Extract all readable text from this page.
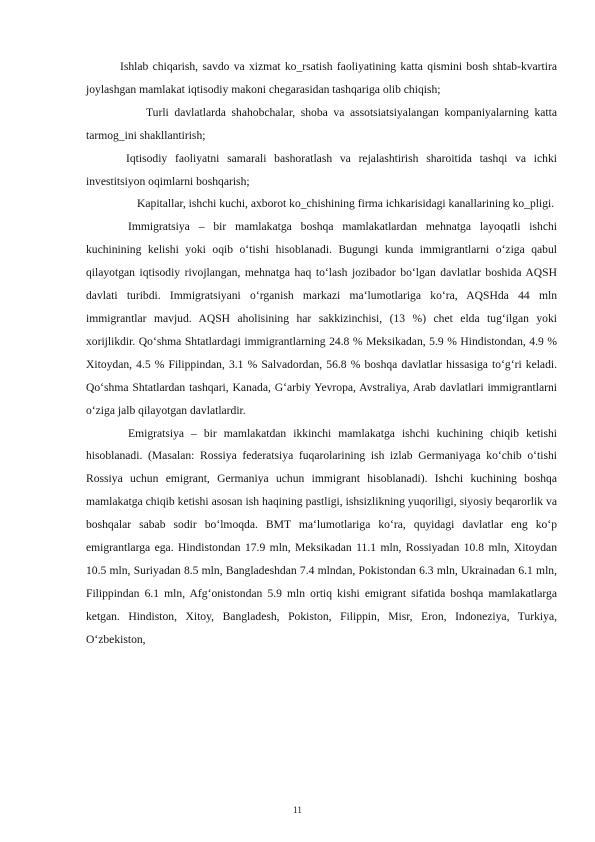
Ishlab chiqarish, savdo va xizmat ko_rsatish faoliyatining katta qismini bosh shtab-kvartira joylashgan mamlakat iqtisodiy makoni chegarasidan tashqariga olib chiqish;

Turli davlatlarda shahobchalar, shoba va assotsiatsiyalangan kompaniyalarning katta tarmog_ini shakllantirish;

Iqtisodiy faoliyatni samarali bashoratlash va rejalashtirish sharoitida tashqi va ichki investitsiyon oqimlarni boshqarish;

Kapitallar, ishchi kuchi, axborot ko_chishining firma ichkarisidagi kanallarining ko_pligi.

Immigratsiya – bir mamlakatga boshqa mamlakatlardan mehnatga layoqatli ishchi kuchinining kelishi yoki oqib o‘tishi hisoblanadi. Bugungi kunda immigrantlarni o‘ziga qabul qilayotgan iqtisodiy rivojlangan, mehnatga haq to‘lash jozibador bo‘lgan davlatlar boshida AQSH davlati turibdi. Immigratsiyani o‘rganish markazi ma‘lumotlariga ko‘ra, AQSHda 44 mln immigrantlar mavjud. AQSH aholisining har sakkizinchisi, (13 %) chet elda tug‘ilgan yoki xorijlikdir. Qo‘shma Shtatlardagi immigrantlarning 24.8 % Meksikadan, 5.9 % Hindistondan, 4.9 % Xitoydan, 4.5 % Filippindan, 3.1 % Salvadordan, 56.8 % boshqa davlatlar hissasiga to‘g‘ri keladi. Qo‘shma Shtatlardan tashqari, Kanada, G‘arbiy Yevropa, Avstraliya, Arab davlatlari immigrantlarni o‘ziga jalb qilayotgan davlatlardir.

Emigratsiya – bir mamlakatdan ikkinchi mamlakatga ishchi kuchining chiqib ketishi hisoblanadi. (Masalan: Rossiya federatsiya fuqarolarining ish izlab Germaniyaga ko‘chib o‘tishi Rossiya uchun emigrant, Germaniya uchun immigrant hisoblanadi). Ishchi kuchining boshqa mamlakatga chiqib ketishi asosan ish haqining pastligi, ishsizlikning yuqoriligi, siyosiy beqarorlik va boshqalar sabab sodir bo‘lmoqda. BMT ma‘lumotlariga ko‘ra, quyidagi davlatlar eng ko‘p emigrantlarga ega. Hindistondan 17.9 mln, Meksikadan 11.1 mln, Rossiyadan 10.8 mln, Xitoydan 10.5 mln, Suriyadan 8.5 mln, Bangladeshdan 7.4 mlndan, Pokistondan 6.3 mln, Ukrainadan 6.1 mln, Filippindan 6.1 mln, Afg‘onistondan 5.9 mln ortiq kishi emigrant sifatida boshqa mamlakatlarga ketgan. Hindiston, Xitoy, Bangladesh, Pokiston, Filippin, Misr, Eron, Indoneziya, Turkiya, O‘zbekiston,

11
